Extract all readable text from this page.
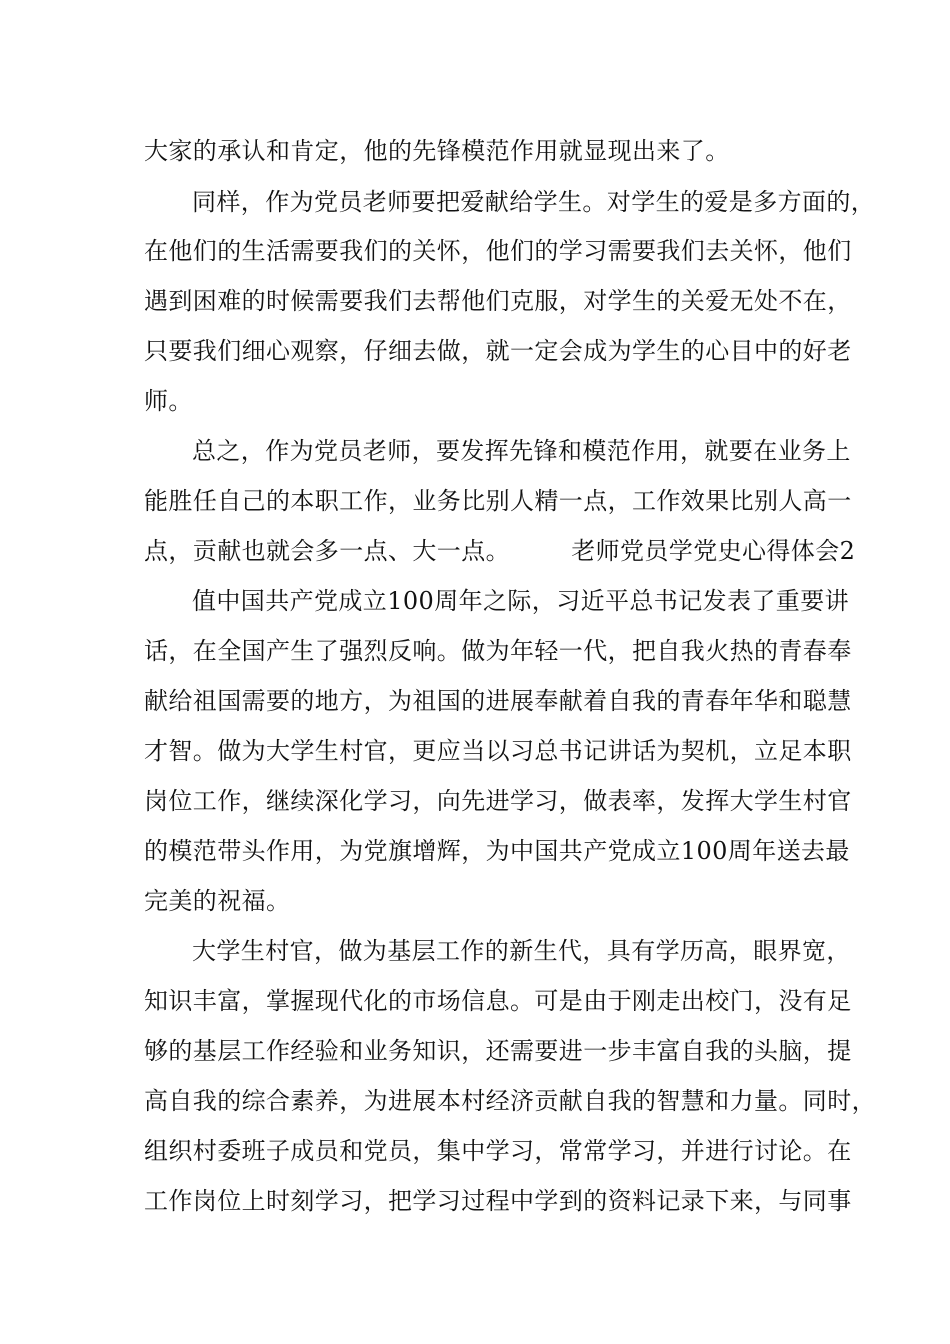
大家的承认和肯定，他的先锋模范作用就显现出来了。
同样，作为党员老师要把爱献给学生。对学生的爱是多方面的，
在他们的生活需要我们的关怀，他们的学习需要我们去关怀，他们
遇到困难的时候需要我们去帮他们克服，对学生的关爱无处不在，
只要我们细心观察，仔细去做，就一定会成为学生的心目中的好老
师。
总之，作为党员老师，要发挥先锋和模范作用，就要在业务上
能胜任自己的本职工作，业务比别人精一点，工作效果比别人高一
点，贡献也就会多一点、大一点。　　　老师党员学党史心得体会2
值中国共产党成立100周年之际，习近平总书记发表了重要讲
话，在全国产生了强烈反响。做为年轻一代，把自我火热的青春奉
献给祖国需要的地方，为祖国的进展奉献着自我的青春年华和聪慧
才智。做为大学生村官，更应当以习总书记讲话为契机，立足本职
岗位工作，继续深化学习，向先进学习，做表率，发挥大学生村官
的模范带头作用，为党旗增辉，为中国共产党成立100周年送去最
完美的祝福。
大学生村官，做为基层工作的新生代，具有学历高，眼界宽，
知识丰富，掌握现代化的市场信息。可是由于刚走出校门，没有足
够的基层工作经验和业务知识，还需要进一步丰富自我的头脑，提
高自我的综合素养，为进展本村经济贡献自我的智慧和力量。同时，
组织村委班子成员和党员，集中学习，常常学习，并进行讨论。在
工作岗位上时刻学习，把学习过程中学到的资料记录下来，与同事
